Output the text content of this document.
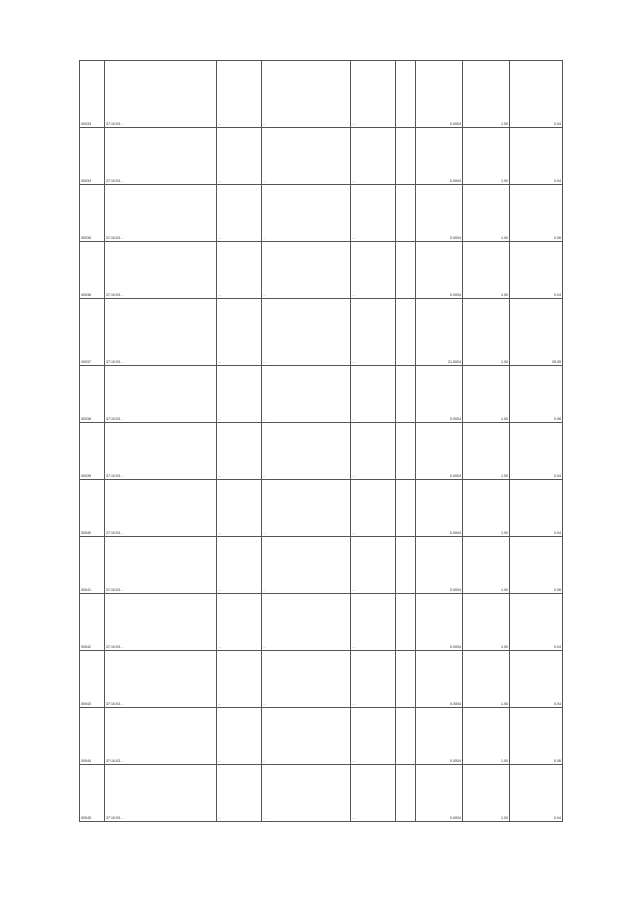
00033	37:10:03…	…	…	…		0.0004	1.00	0.04
00034	37:10:03…	…	…	…		0.0004	1.00	0.04
00035	37:10:03…	…	…	…		0.0004	1.00	0.06
00036	37:10:03…	…	…	…		0.0004	1.00	0.04
00037	37:10:03…	…	…	…		21.0004	1.00	26.05
00038	37:10:03…	…	…	…		0.0004	1.00	0.06
00039	37:10:03…	…	…	…		0.0004	1.00	0.04
00040	37:10:03…	…	…	…		0.0004	1.00	0.04
00041	37:10:03…	…	…	…		0.0004	1.00	0.06
00042	37:10:03…	…	…	…		0.0004	1.00	0.04
00043	37:10:03…	…	…	…		0.0004	1.00	0.04
00044	37:10:03…	…	…	…		0.0004	1.00	0.06
00045	37:10:03…	…	…	…		0.0004	1.00	0.04
